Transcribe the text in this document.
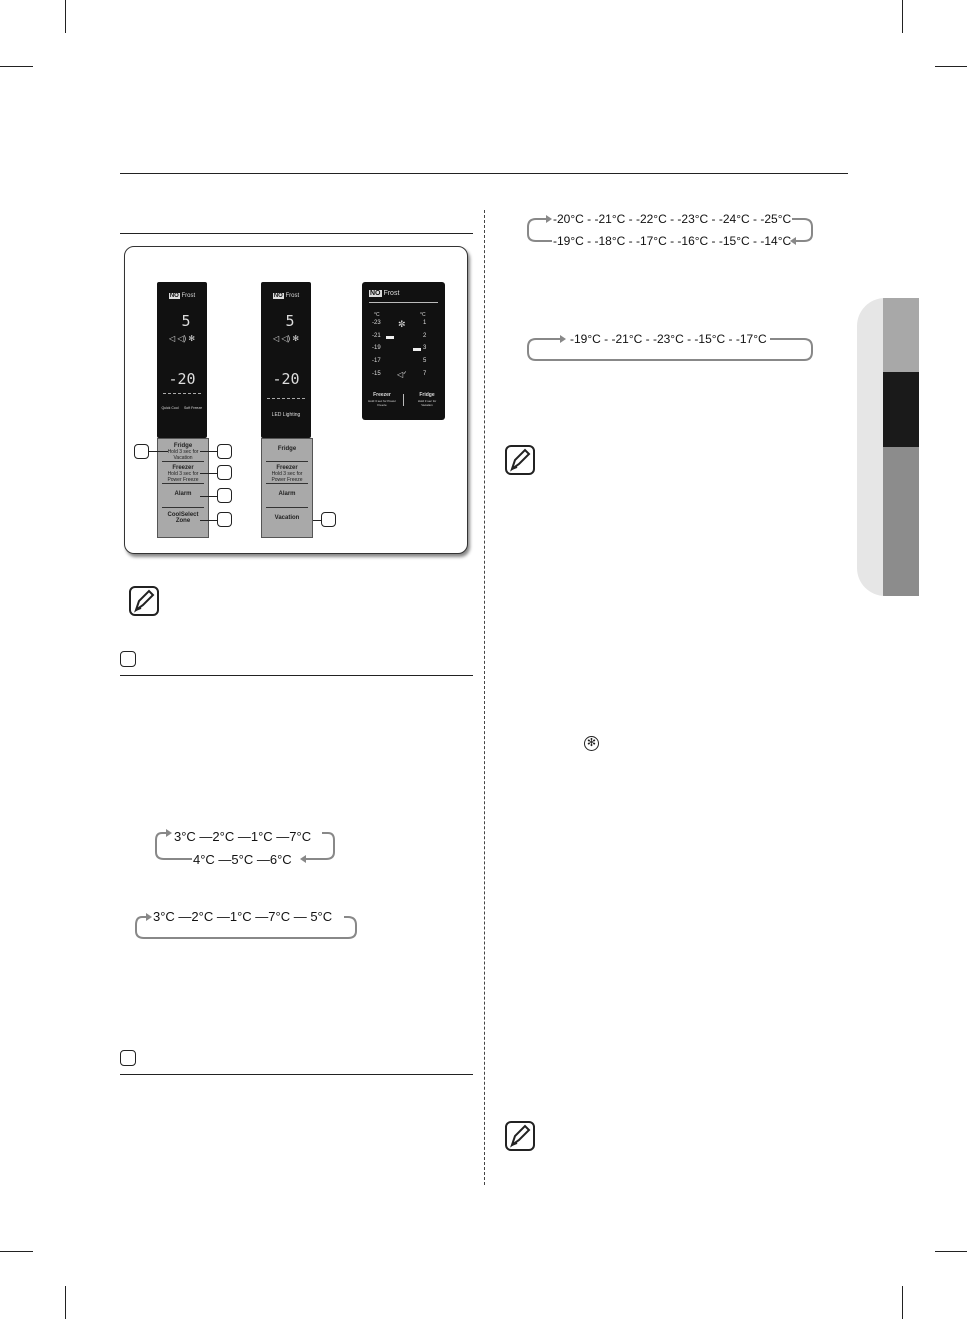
NO Frost
5
◁ ◁) ✻
-20
Quick Cool	Soft Freeze
Fridge
Hold 3 sec for Vacation
Freezer
Hold 3 sec for Power Freeze
Alarm
CoolSelect Zone
NO Frost
5
◁ ◁) ✻
-20
LED Lighting
Fridge
Freezer
Hold 3 sec for Power Freeze
Alarm
Vacation
NO Frost
°C	°C
-23
-21
-19
-17
-15
✼
◁ᐟ
1
2
3
5
7
Freezer
Hold 3 sec for Power Freeze
Fridge
Hold 3 sec for Vacation
3°C —2°C —1°C —7°C
4°C —5°C —6°C
3°C —2°C —1°C —7°C — 5°C
-20°C - -21°C - -22°C - -23°C - -24°C - -25°C
-19°C - -18°C - -17°C - -16°C - -15°C - -14°C
-19°C - -21°C - -23°C - -15°C - -17°C
✻
